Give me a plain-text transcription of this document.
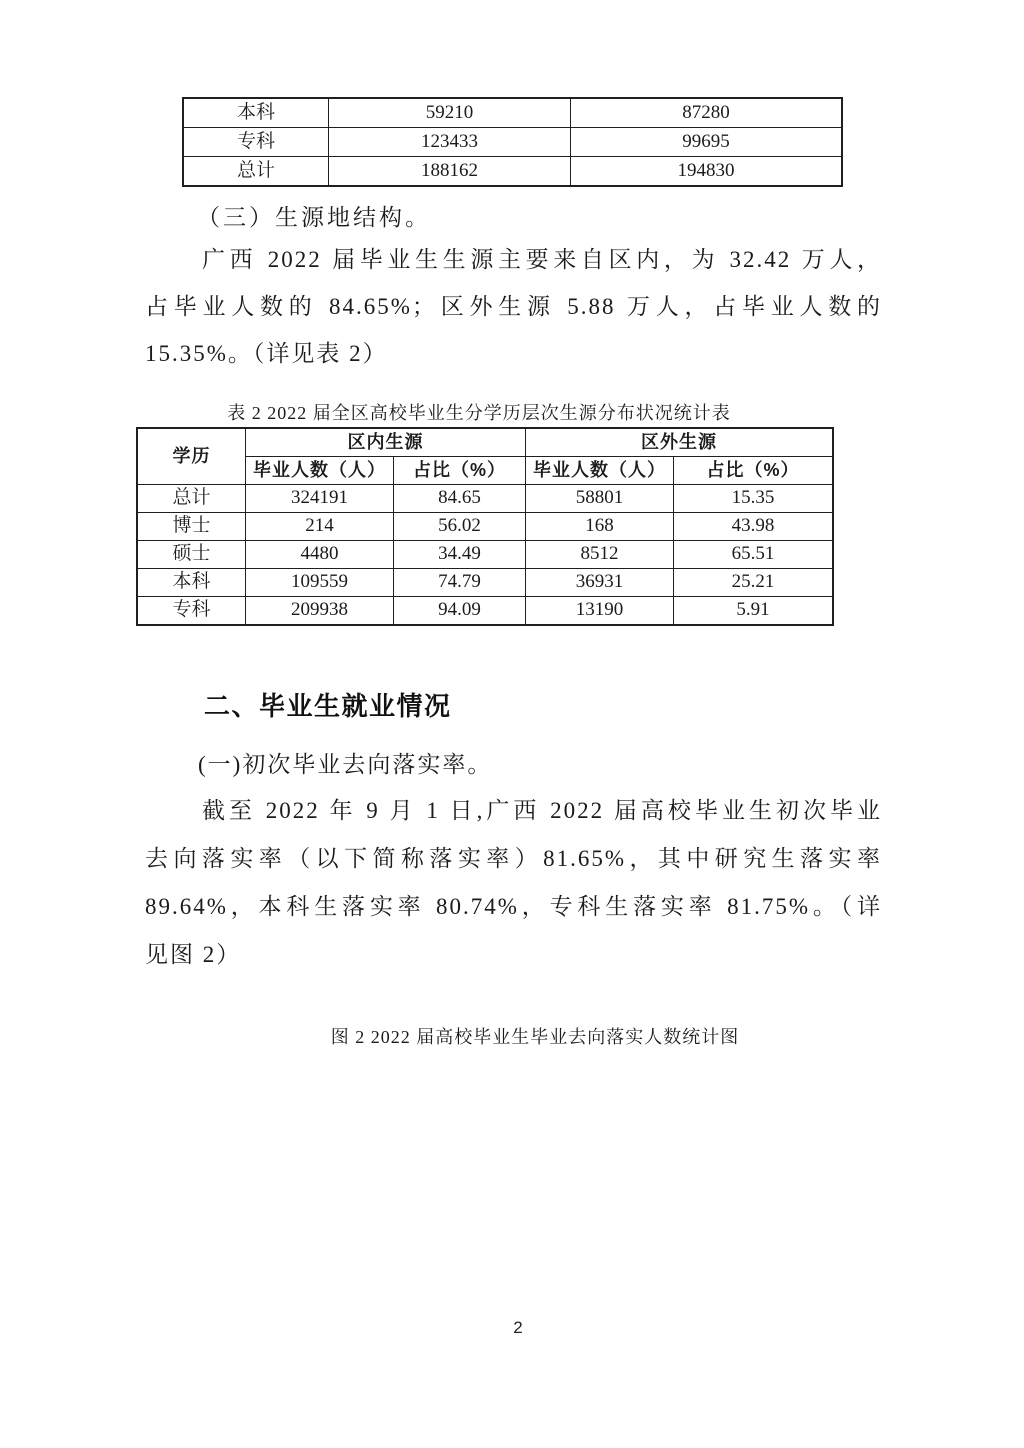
本科	59210	87280
专科	123433	99695
总计	188162	194830
（三）生源地结构。
广西 2022 届毕业生生源主要来自区内，为 32.42 万人，
占毕业人数的 84.65%；区外生源 5.88 万人，占毕业人数的
15.35%。（详见表 2）
表 2 2022 届全区高校毕业生分学历层次生源分布状况统计表
学历	区内生源		区外生源	
	毕业人数（人）	占比（%）	毕业人数（人）	占比（%）
总计	324191	84.65	58801	15.35
博士	214	56.02	168	43.98
硕士	4480	34.49	8512	65.51
本科	109559	74.79	36931	25.21
专科	209938	94.09	13190	5.91
二、毕业生就业情况
(一)初次毕业去向落实率。
截至 2022 年 9 月 1 日,广西 2022 届高校毕业生初次毕业
去向落实率（以下简称落实率）81.65%，其中研究生落实率
89.64%，本科生落实率 80.74%，专科生落实率 81.75%。（详
见图 2）
图 2 2022 届高校毕业生毕业去向落实人数统计图
2
